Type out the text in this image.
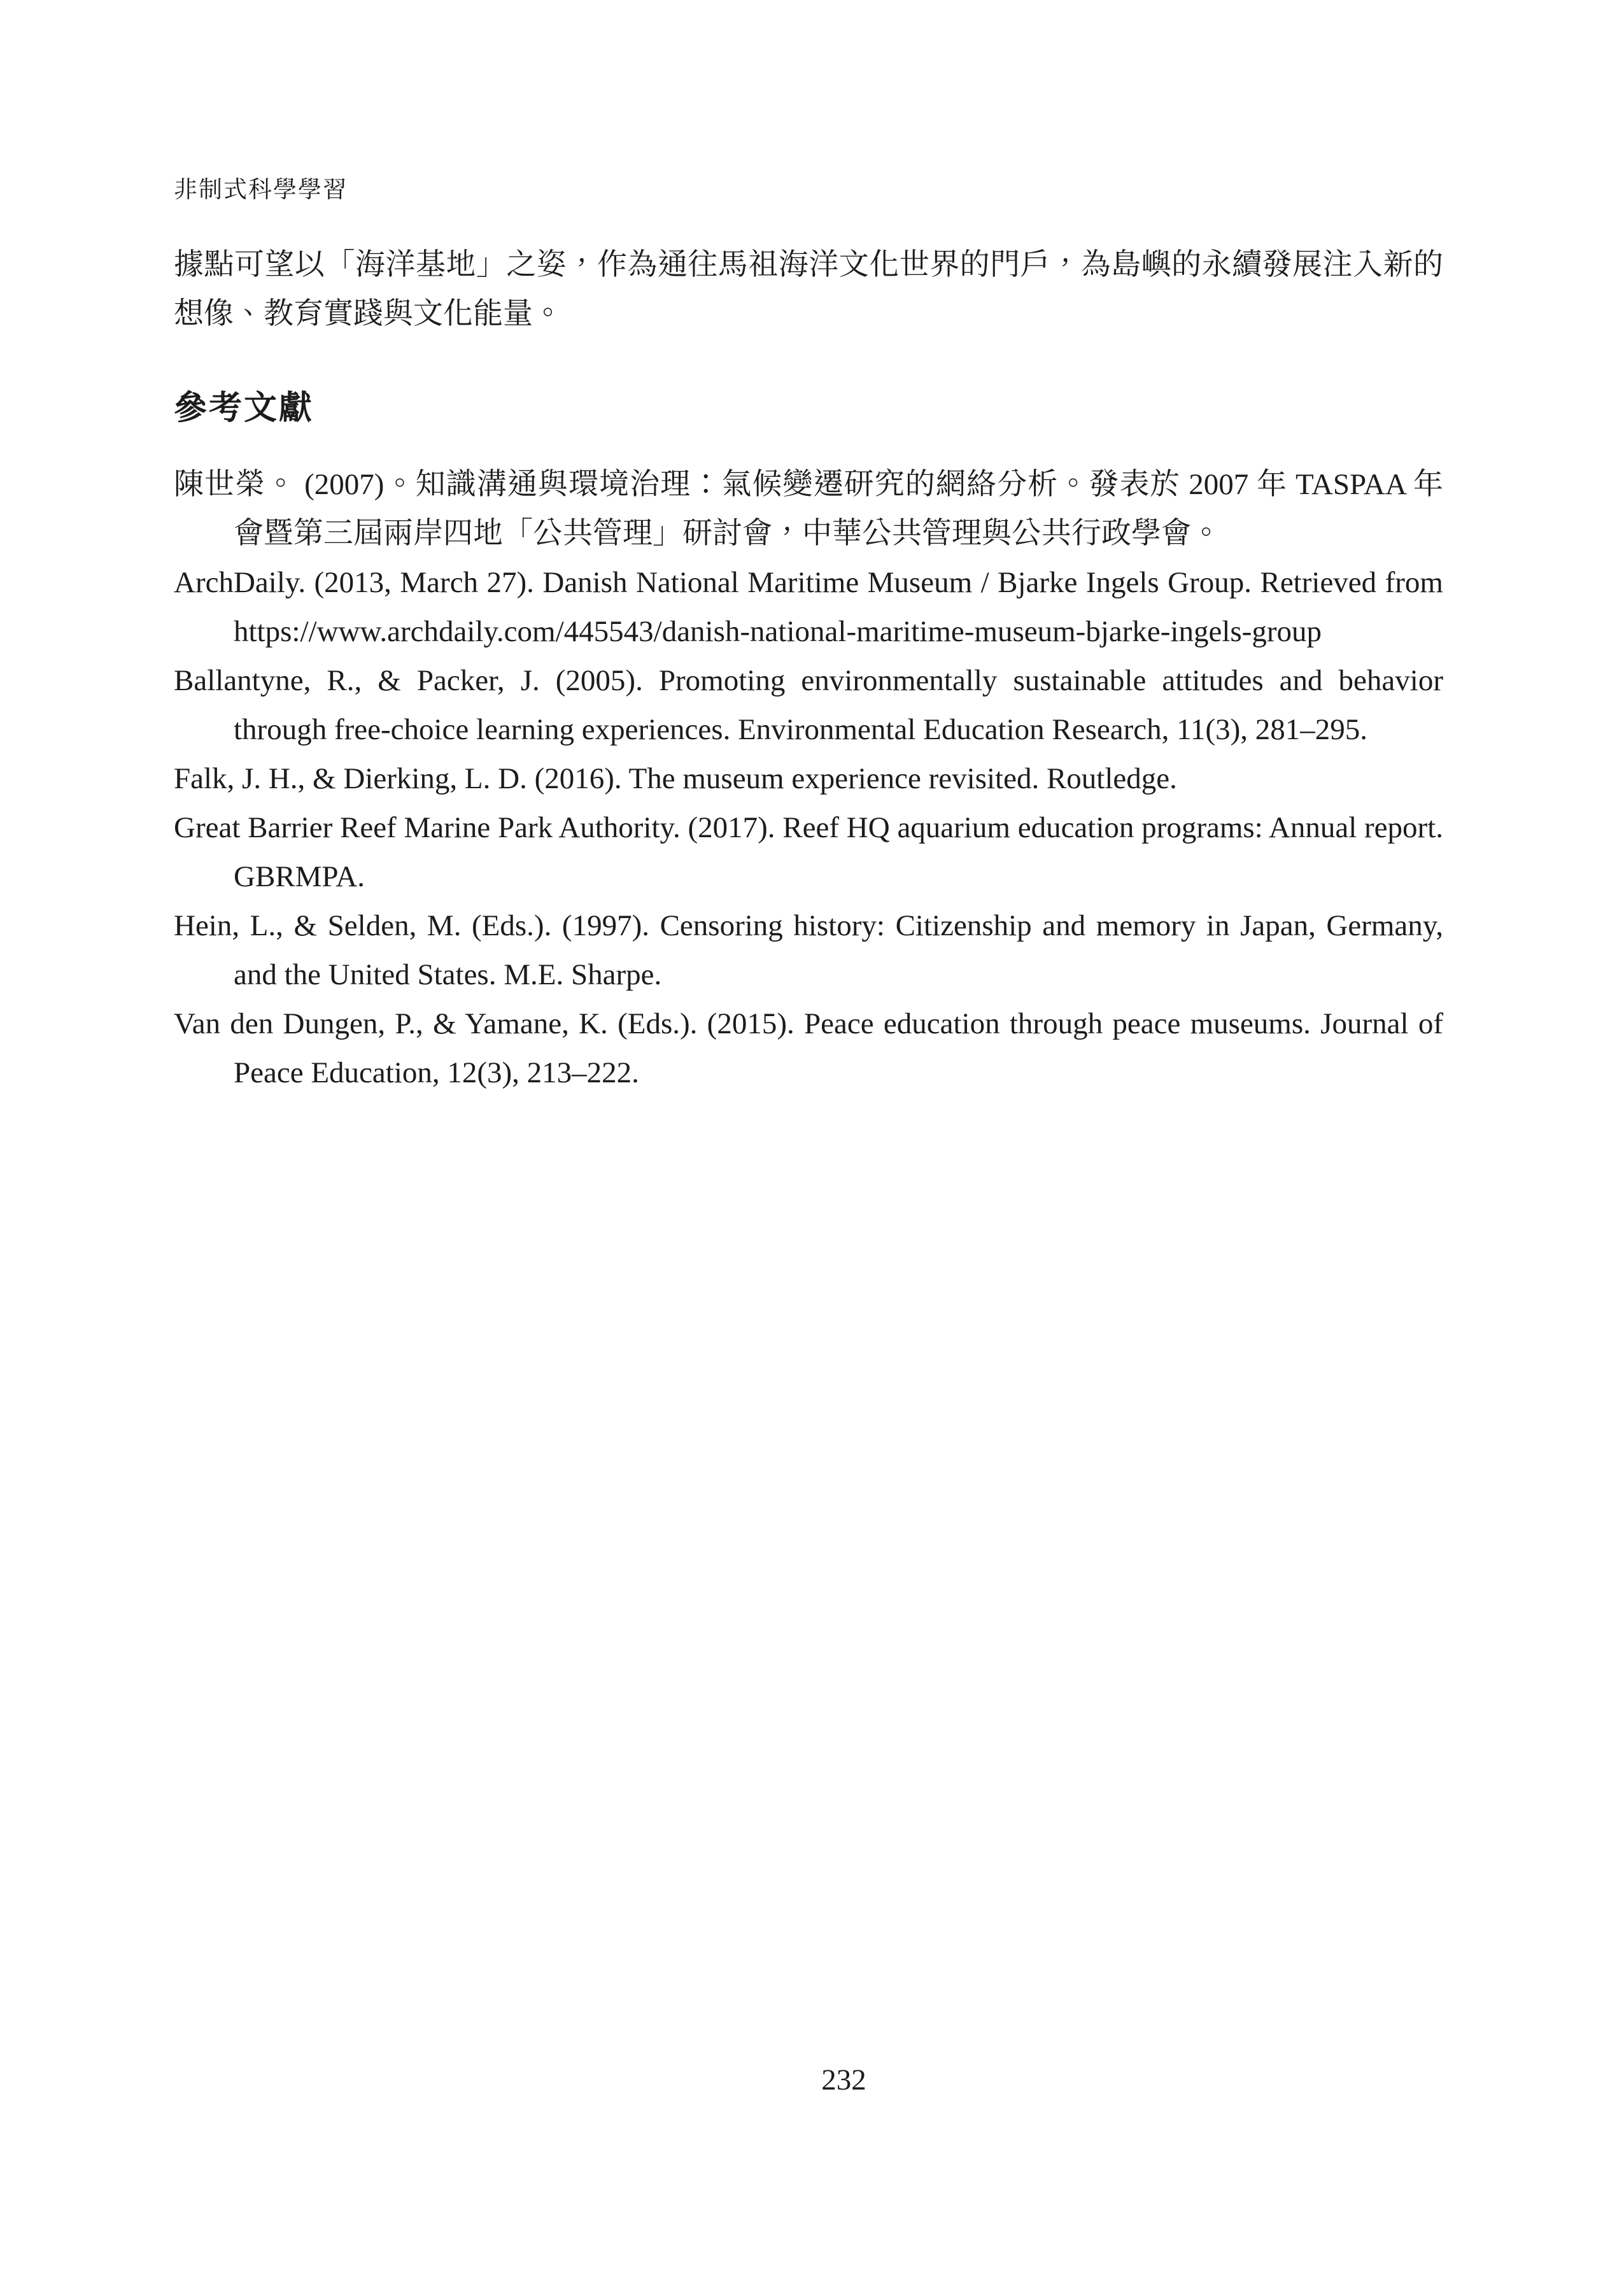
非制式科學學習

據點可望以「海洋基地」之姿，作為通往馬祖海洋文化世界的門戶，為島嶼的永續發展注入新的想像、教育實踐與文化能量。

參考文獻

陳世榮。 (2007)。知識溝通與環境治理：氣候變遷研究的網絡分析。發表於 2007 年 TASPAA 年會暨第三屆兩岸四地「公共管理」研討會，中華公共管理與公共行政學會。

ArchDaily. (2013, March 27). Danish National Maritime Museum / Bjarke Ingels Group. Retrieved from https://www.archdaily.com/445543/danish-national-maritime-museum-bjarke-ingels-group

Ballantyne, R., & Packer, J. (2005). Promoting environmentally sustainable attitudes and behavior through free-choice learning experiences. Environmental Education Research, 11(3), 281–295.

Falk, J. H., & Dierking, L. D. (2016). The museum experience revisited. Routledge.

Great Barrier Reef Marine Park Authority. (2017). Reef HQ aquarium education programs: Annual report. GBRMPA.

Hein, L., & Selden, M. (Eds.). (1997). Censoring history: Citizenship and memory in Japan, Germany, and the United States. M.E. Sharpe.

Van den Dungen, P., & Yamane, K. (Eds.). (2015). Peace education through peace museums. Journal of Peace Education, 12(3), 213–222.

232
